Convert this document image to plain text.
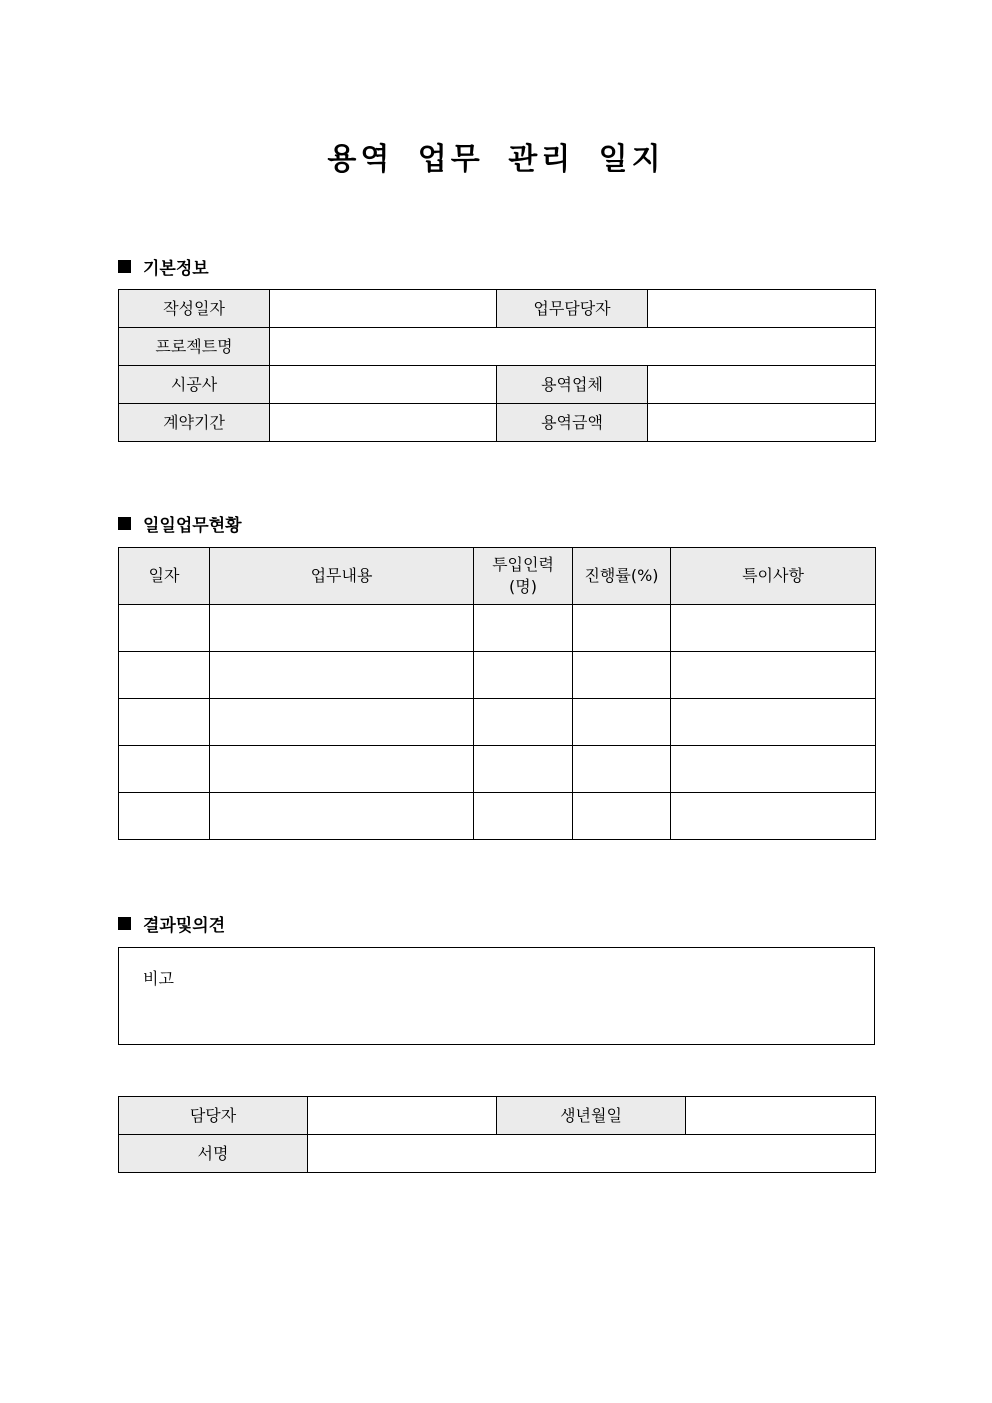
용역 업무 관리 일지
기본정보
작성일자		업무담당자	
프로젝트명			
시공사		용역업체	
계약기간		용역금액	
일일업무현황
일자	업무내용	투입인력(명)	진행률(%)	특이사항

결과및의견
비고
담당자		생년월일	
서명			
